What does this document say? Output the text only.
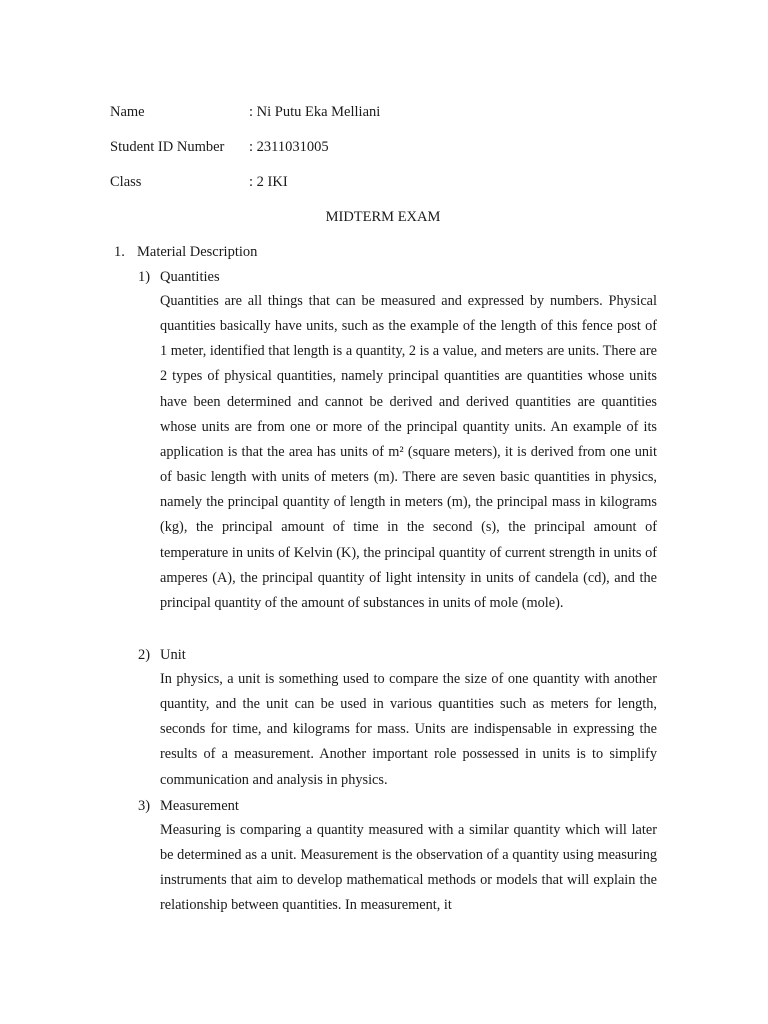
Name	: Ni Putu Eka Melliani
Student ID Number : 2311031005
Class	: 2 IKI
MIDTERM EXAM
1. Material Description
1) Quantities

Quantities are all things that can be measured and expressed by numbers. Physical quantities basically have units, such as the example of the length of this fence post of 1 meter, identified that length is a quantity, 2 is a value, and meters are units. There are 2 types of physical quantities, namely principal quantities are quantities whose units have been determined and cannot be derived and derived quantities are quantities whose units are from one or more of the principal quantity units. An example of its application is that the area has units of m² (square meters), it is derived from one unit of basic length with units of meters (m). There are seven basic quantities in physics, namely the principal quantity of length in meters (m), the principal mass in kilograms (kg), the principal amount of time in the second (s), the principal amount of temperature in units of Kelvin (K), the principal quantity of current strength in units of amperes (A), the principal quantity of light intensity in units of candela (cd), and the principal quantity of the amount of substances in units of mole (mole).

2) Unit

In physics, a unit is something used to compare the size of one quantity with another quantity, and the unit can be used in various quantities such as meters for length, seconds for time, and kilograms for mass. Units are indispensable in expressing the results of a measurement. Another important role possessed in units is to simplify communication and analysis in physics.

3) Measurement

Measuring is comparing a quantity measured with a similar quantity which will later be determined as a unit. Measurement is the observation of a quantity using measuring instruments that aim to develop mathematical methods or models that will explain the relationship between quantities. In measurement, it
